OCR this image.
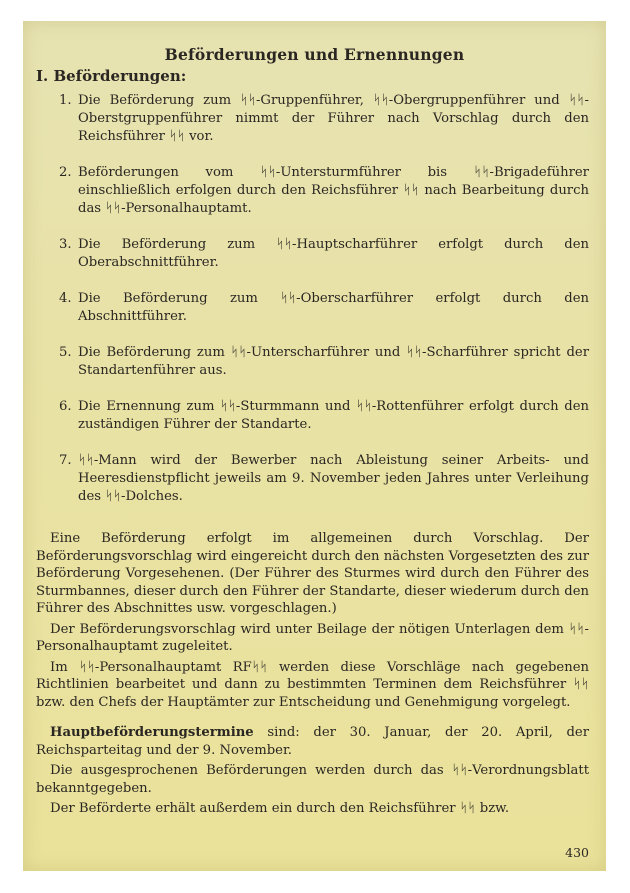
Beförderungen und Ernennungen
I. Beförderungen:
1. Die Beförderung zum ᛋᛋ-Gruppenführer, ᛋᛋ-Obergruppenführer und ᛋᛋ-Oberstgruppenführer nimmt der Führer nach Vorschlag durch den Reichsführer ᛋᛋ vor.
2. Beförderungen vom ᛋᛋ-Untersturmführer bis ᛋᛋ-Brigadeführer einschließlich erfolgen durch den Reichsführer ᛋᛋ nach Bearbeitung durch das ᛋᛋ-Personalhauptamt.
3. Die Beförderung zum ᛋᛋ-Hauptscharführer erfolgt durch den Oberabschnittführer.
4. Die Beförderung zum ᛋᛋ-Oberscharführer erfolgt durch den Abschnittführer.
5. Die Beförderung zum ᛋᛋ-Unterscharführer und ᛋᛋ-Scharführer spricht der Standartenführer aus.
6. Die Ernennung zum ᛋᛋ-Sturmmann und ᛋᛋ-Rottenführer erfolgt durch den zuständigen Führer der Standarte.
7. ᛋᛋ-Mann wird der Bewerber nach Ableistung seiner Arbeits- und Heeresdienstpflicht jeweils am 9. November jeden Jahres unter Verleihung des ᛋᛋ-Dolches.

Eine Beförderung erfolgt im allgemeinen durch Vorschlag. Der Beförderungsvorschlag wird eingereicht durch den nächsten Vorgesetzten des zur Beförderung Vorgesehenen. (Der Führer des Sturmes wird durch den Führer des Sturmbannes, dieser durch den Führer der Standarte, dieser wiederum durch den Führer des Abschnittes usw. vorgeschlagen.)

Der Beförderungsvorschlag wird unter Beilage der nötigen Unterlagen dem ᛋᛋ-Personalhauptamt zugeleitet.

Im ᛋᛋ-Personalhauptamt RFᛋᛋ werden diese Vorschläge nach gegebenen Richtlinien bearbeitet und dann zu bestimmten Terminen dem Reichsführer ᛋᛋ bzw. den Chefs der Hauptämter zur Entscheidung und Genehmigung vorgelegt.

Hauptbeförderungstermine sind: der 30. Januar, der 20. April, der Reichsparteitag und der 9. November.

Die ausgesprochenen Beförderungen werden durch das ᛋᛋ-Verordnungsblatt bekanntgegeben.

Der Beförderte erhält außerdem ein durch den Reichsführer ᛋᛋ bzw.

430
